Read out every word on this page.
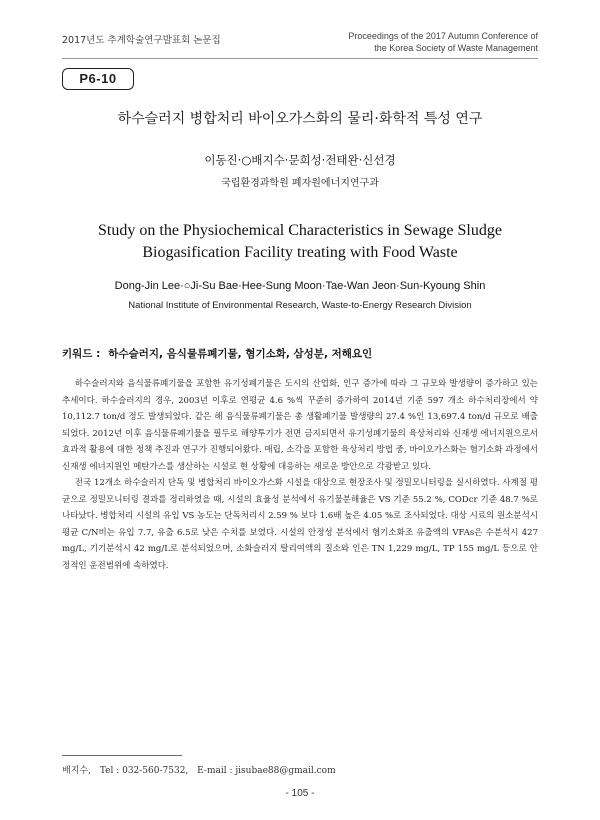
2017년도 추계학술연구발표회 논문집	Proceedings of the 2017 Autumn Conference of
the Korea Society of Waste Management
P6-10
하수슬러지 병합처리 바이오가스화의 물리·화학적 특성 연구
이동진·○배지수·문희성·전태완·신선경
국립환경과학원 폐자원에너지연구과
Study on the Physiochemical Characteristics in Sewage Sludge
Biogasification Facility treating with Food Waste
Dong-Jin Lee·○Ji-Su Bae·Hee-Sung Moon·Tae-Wan Jeon·Sun-Kyoung Shin
National Institute of Environmental Research, Waste-to-Energy Research Division
키워드 : 하수슬러지, 음식물류폐기물, 혐기소화, 삼성분, 저해요인

하수슬러지와 음식물류폐기물을 포함한 유기성폐기물은 도시의 산업화, 인구 증가에 따라 그 규모와 발생량이 증가하고 있는 추세이다. 하수슬러지의 경우, 2003년 이후로 연평균 4.6 %씩 꾸준히 증가하여 2014년 기준 597 개소 하수처리장에서 약 10,112.7 ton/d 정도 발생되었다. 같은 해 음식물류폐기물은 총 생활폐기물 발생량의 27.4 %인 13,697.4 ton/d 규모로 배출되었다. 2012년 이후 음식물류폐기물을 필두로 해양투기가 전면 금지되면서 유기성폐기물의 육상처리와 신재생 에너지원으로서 효과적 활용에 대한 정책 추진과 연구가 진행되어왔다. 매립, 소각을 포함한 육상처리 방법 중, 바이오가스화는 혐기소화 과정에서 신재생 에너지원인 메탄가스를 생산하는 시설로 현 상황에 대응하는 새로운 방안으로 각광받고 있다.

전국 12개소 하수슬러지 단독 및 병합처리 바이오가스화 시설을 대상으로 현장조사 및 정밀모니터링을 실시하였다. 사계절 평균으로 정밀모니터링 결과를 정리하였을 때, 시설의 효율성 분석에서 유기물분해율은 VS 기준 55.2 %, CODcr 기준 48.7 %로 나타났다. 병합처리 시설의 유입 VS 농도는 단독처리시 2.59 % 보다 1.6배 높은 4.05 %로 조사되었다. 대상 시료의 원소분석시 평균 C/N비는 유입 7.7, 유출 6.5로 낮은 수치를 보였다. 시설의 안정성 분석에서 혐기소화조 유출액의 VFAs은 수분석시 427 mg/L, 기기분석시 42 mg/L로 분석되었으며, 소화슬러지 탈리여액의 질소와 인은 TN 1,229 mg/L, TP 155 mg/L 등으로 안정적인 운전범위에 속하였다.

배지수, Tel : 032-560-7532, E-mail : jisubae88@gmail.com
- 105 -
